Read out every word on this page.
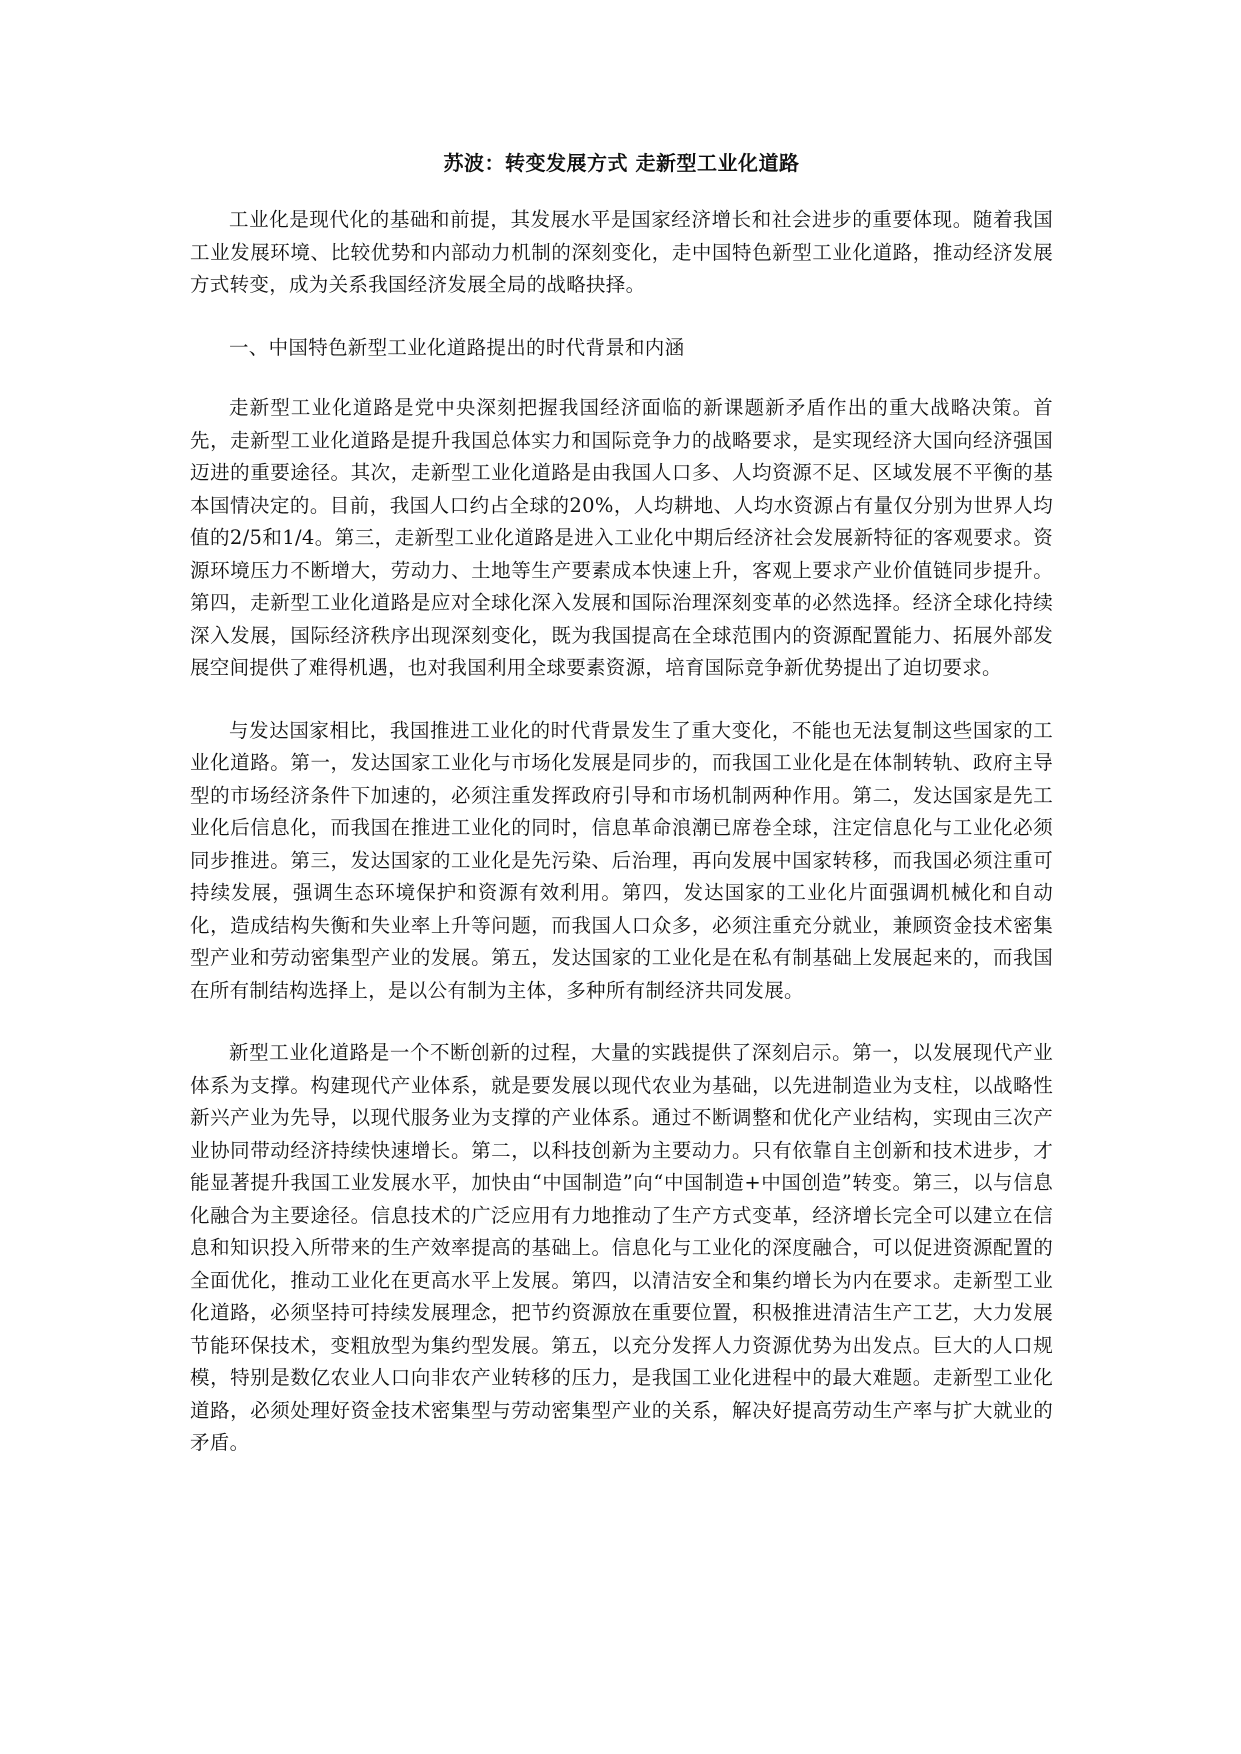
苏波：转变发展方式 走新型工业化道路

工业化是现代化的基础和前提，其发展水平是国家经济增长和社会进步的重要体现。随着我国工业发展环境、比较优势和内部动力机制的深刻变化，走中国特色新型工业化道路，推动经济发展方式转变，成为关系我国经济发展全局的战略抉择。

一、中国特色新型工业化道路提出的时代背景和内涵

走新型工业化道路是党中央深刻把握我国经济面临的新课题新矛盾作出的重大战略决策。首先，走新型工业化道路是提升我国总体实力和国际竞争力的战略要求，是实现经济大国向经济强国迈进的重要途径。其次，走新型工业化道路是由我国人口多、人均资源不足、区域发展不平衡的基本国情决定的。目前，我国人口约占全球的20%，人均耕地、人均水资源占有量仅分别为世界人均值的2/5和1/4。第三，走新型工业化道路是进入工业化中期后经济社会发展新特征的客观要求。资源环境压力不断增大，劳动力、土地等生产要素成本快速上升，客观上要求产业价值链同步提升。第四，走新型工业化道路是应对全球化深入发展和国际治理深刻变革的必然选择。经济全球化持续深入发展，国际经济秩序出现深刻变化，既为我国提高在全球范围内的资源配置能力、拓展外部发展空间提供了难得机遇，也对我国利用全球要素资源，培育国际竞争新优势提出了迫切要求。

与发达国家相比，我国推进工业化的时代背景发生了重大变化，不能也无法复制这些国家的工业化道路。第一，发达国家工业化与市场化发展是同步的，而我国工业化是在体制转轨、政府主导型的市场经济条件下加速的，必须注重发挥政府引导和市场机制两种作用。第二，发达国家是先工业化后信息化，而我国在推进工业化的同时，信息革命浪潮已席卷全球，注定信息化与工业化必须同步推进。第三，发达国家的工业化是先污染、后治理，再向发展中国家转移，而我国必须注重可持续发展，强调生态环境保护和资源有效利用。第四，发达国家的工业化片面强调机械化和自动化，造成结构失衡和失业率上升等问题，而我国人口众多，必须注重充分就业，兼顾资金技术密集型产业和劳动密集型产业的发展。第五，发达国家的工业化是在私有制基础上发展起来的，而我国在所有制结构选择上，是以公有制为主体，多种所有制经济共同发展。

新型工业化道路是一个不断创新的过程，大量的实践提供了深刻启示。第一，以发展现代产业体系为支撑。构建现代产业体系，就是要发展以现代农业为基础，以先进制造业为支柱，以战略性新兴产业为先导，以现代服务业为支撑的产业体系。通过不断调整和优化产业结构，实现由三次产业协同带动经济持续快速增长。第二，以科技创新为主要动力。只有依靠自主创新和技术进步，才能显著提升我国工业发展水平，加快由“中国制造”向“中国制造+中国创造”转变。第三，以与信息化融合为主要途径。信息技术的广泛应用有力地推动了生产方式变革，经济增长完全可以建立在信息和知识投入所带来的生产效率提高的基础上。信息化与工业化的深度融合，可以促进资源配置的全面优化，推动工业化在更高水平上发展。第四，以清洁安全和集约增长为内在要求。走新型工业化道路，必须坚持可持续发展理念，把节约资源放在重要位置，积极推进清洁生产工艺，大力发展节能环保技术，变粗放型为集约型发展。第五，以充分发挥人力资源优势为出发点。巨大的人口规模，特别是数亿农业人口向非农产业转移的压力，是我国工业化进程中的最大难题。走新型工业化道路，必须处理好资金技术密集型与劳动密集型产业的关系，解决好提高劳动生产率与扩大就业的矛盾。
